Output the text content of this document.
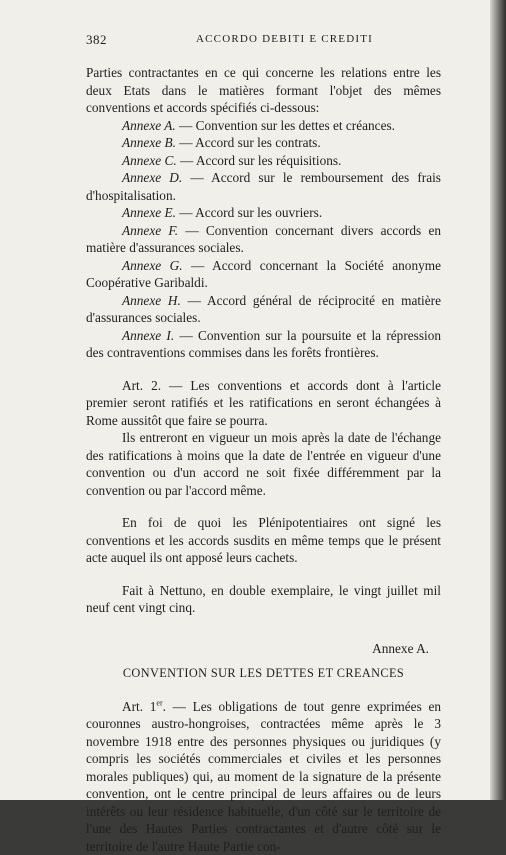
382	ACCORDO DEBITI E CREDITI

Parties contractantes en ce qui concerne les relations entre les deux Etats dans le matières formant l'objet des mêmes conventions et accords spécifiés ci-dessous:

Annexe A. — Convention sur les dettes et créances.

Annexe B. — Accord sur les contrats.

Annexe C. — Accord sur les réquisitions.

Annexe D. — Accord sur le remboursement des frais d'hospitalisation.

Annexe E. — Accord sur les ouvriers.

Annexe F. — Convention concernant divers accords en matière d'assurances sociales.

Annexe G. — Accord concernant la Société anonyme Coopérative Garibaldi.

Annexe H. — Accord général de réciprocité en matière d'assurances sociales.

Annexe I. — Convention sur la poursuite et la répression des contraventions commises dans les forêts frontières.

Art. 2. — Les conventions et accords dont à l'article premier seront ratifiés et les ratifications en seront échangées à Rome aussitôt que faire se pourra.

Ils entreront en vigueur un mois après la date de l'échange des ratifications à moins que la date de l'entrée en vigueur d'une convention ou d'un accord ne soit fixée différemment par la convention ou par l'accord même.

En foi de quoi les Plénipotentiaires ont signé les conventions et les accords susdits en même temps que le présent acte auquel ils ont apposé leurs cachets.

Fait à Nettuno, en double exemplaire, le vingt juillet mil neuf cent vingt cinq.

Annexe A.

CONVENTION SUR LES DETTES ET CREANCES

Art. 1er. — Les obligations de tout genre exprimées en couronnes austro-hongroises, contractées même après le 3 novembre 1918 entre des personnes physiques ou juridiques (y compris les sociétés commerciales et civiles et les personnes morales publiques) qui, au moment de la signature de la présente convention, ont le centre principal de leurs affaires ou de leurs intérêts ou leur résidence habituelle, d'un côté sur le territoire de l'une des Hautes Parties contractantes et d'autre côté sur le territoire de l'autre Haute Partie con-
